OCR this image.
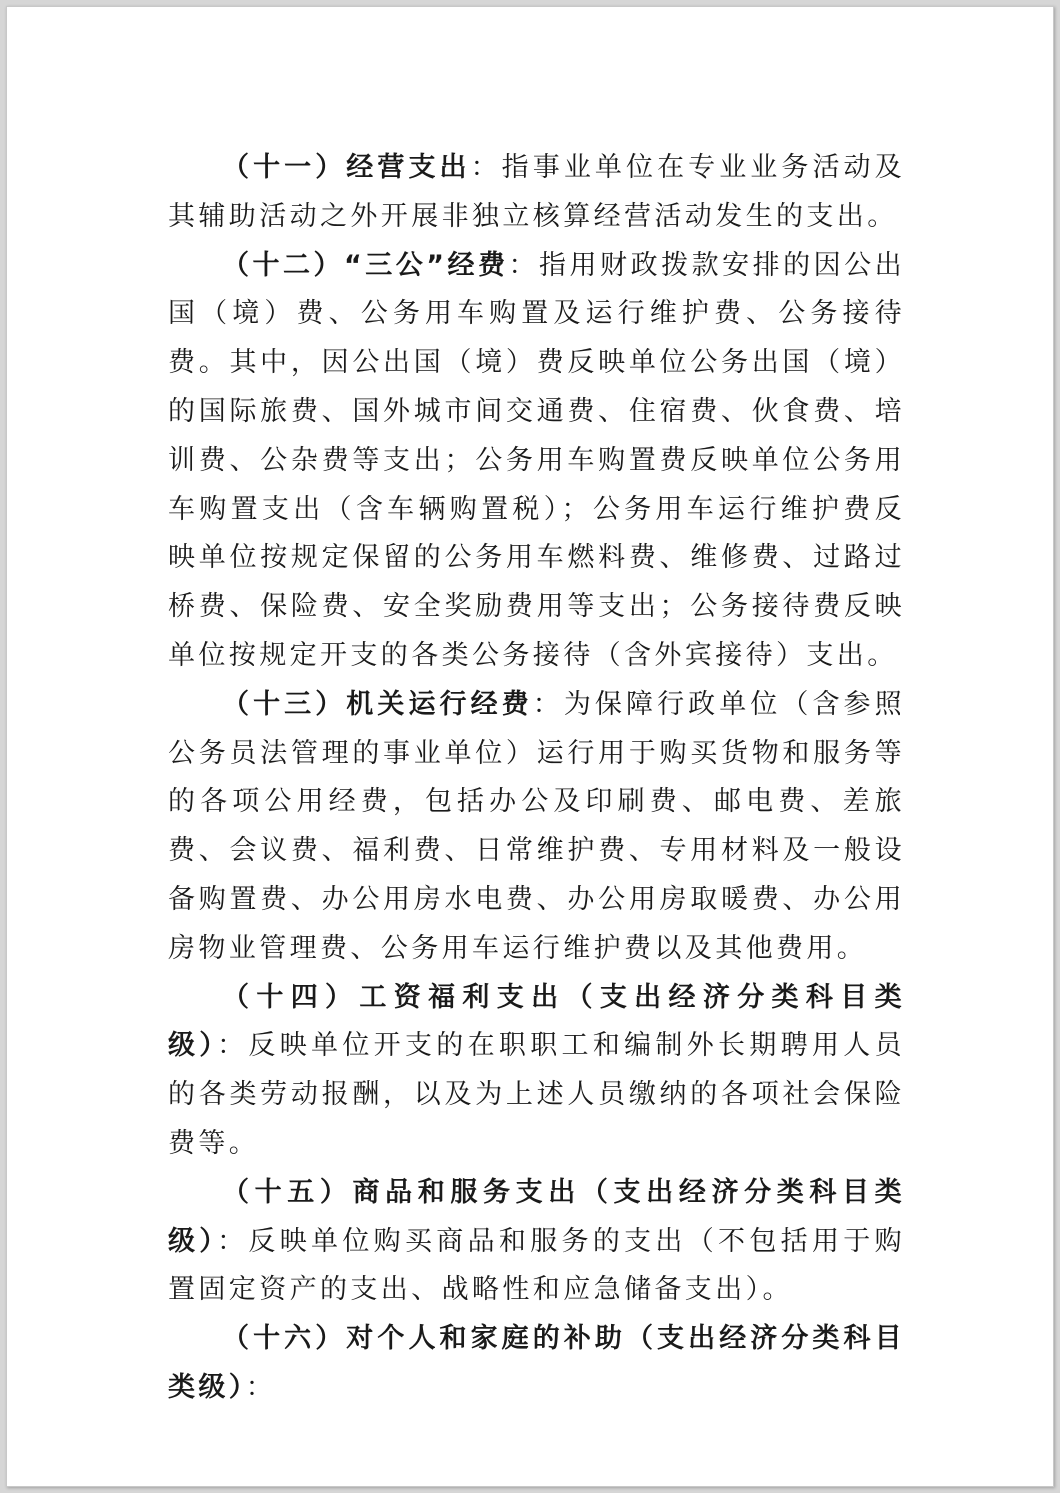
（十一）经营支出：指事业单位在专业业务活动及其辅助活动之外开展非独立核算经营活动发生的支出。

（十二）“三公”经费：指用财政拨款安排的因公出国（境）费、公务用车购置及运行维护费、公务接待费。其中，因公出国（境）费反映单位公务出国（境）的国际旅费、国外城市间交通费、住宿费、伙食费、培训费、公杂费等支出；公务用车购置费反映单位公务用车购置支出（含车辆购置税）；公务用车运行维护费反映单位按规定保留的公务用车燃料费、维修费、过路过桥费、保险费、安全奖励费用等支出；公务接待费反映单位按规定开支的各类公务接待（含外宾接待）支出。

（十三）机关运行经费：为保障行政单位（含参照公务员法管理的事业单位）运行用于购买货物和服务等的各项公用经费，包括办公及印刷费、邮电费、差旅费、会议费、福利费、日常维护费、专用材料及一般设备购置费、办公用房水电费、办公用房取暖费、办公用房物业管理费、公务用车运行维护费以及其他费用。

（十四）工资福利支出（支出经济分类科目类级）：反映单位开支的在职职工和编制外长期聘用人员的各类劳动报酬，以及为上述人员缴纳的各项社会保险费等。

（十五）商品和服务支出（支出经济分类科目类级）：反映单位购买商品和服务的支出（不包括用于购置固定资产的支出、战略性和应急储备支出）。

（十六）对个人和家庭的补助（支出经济分类科目类级）：
